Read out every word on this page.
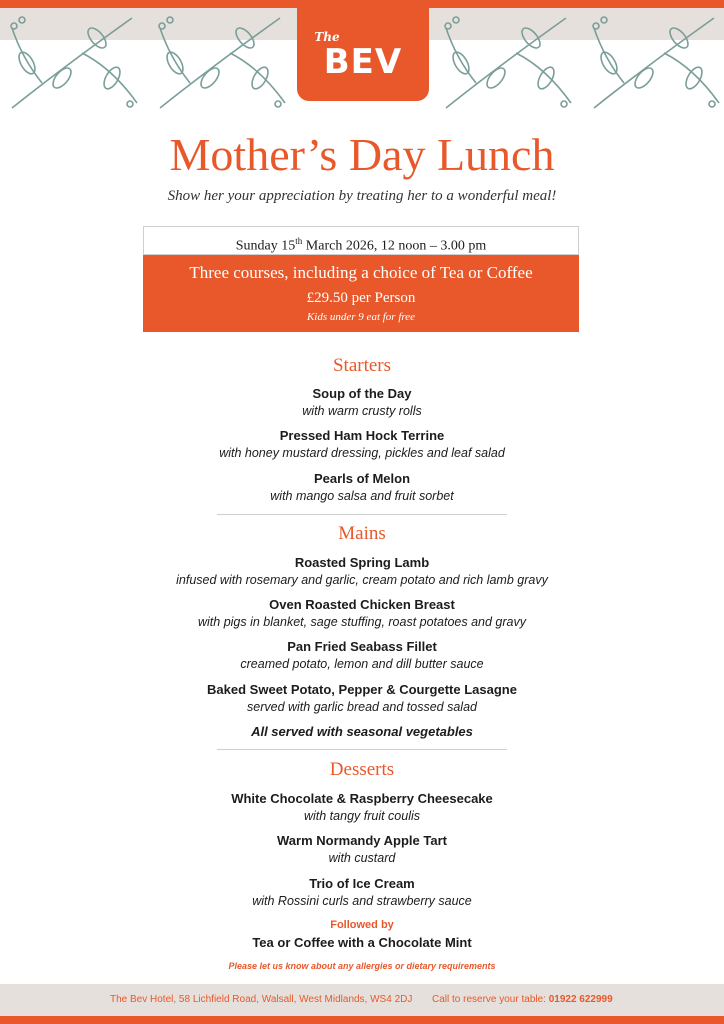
The
BEV
Mother’s Day Lunch
Show her your appreciation by treating her to a wonderful meal!
Sunday 15th March 2026, 12 noon – 3.00 pm
Three courses, including a choice of Tea or Coffee
£29.50 per Person
Kids under 9 eat for free
Starters
Soup of the Day
with warm crusty rolls
Pressed Ham Hock Terrine
with honey mustard dressing, pickles and leaf salad
Pearls of Melon
with mango salsa and fruit sorbet
Mains
Roasted Spring Lamb
infused with rosemary and garlic, cream potato and rich lamb gravy
Oven Roasted Chicken Breast
with pigs in blanket, sage stuffing, roast potatoes and gravy
Pan Fried Seabass Fillet
creamed potato, lemon and dill butter sauce
Baked Sweet Potato, Pepper & Courgette Lasagne
served with garlic bread and tossed salad
All served with seasonal vegetables
Desserts
White Chocolate & Raspberry Cheesecake
with tangy fruit coulis
Warm Normandy Apple Tart
with custard
Trio of Ice Cream
with Rossini curls and strawberry sauce
Followed by
Tea or Coffee with a Chocolate Mint
Please let us know about any allergies or dietary requirements
The Bev Hotel, 58 Lichfield Road, Walsall, West Midlands, WS4 2DJ Call to reserve your table: 01922 622999
